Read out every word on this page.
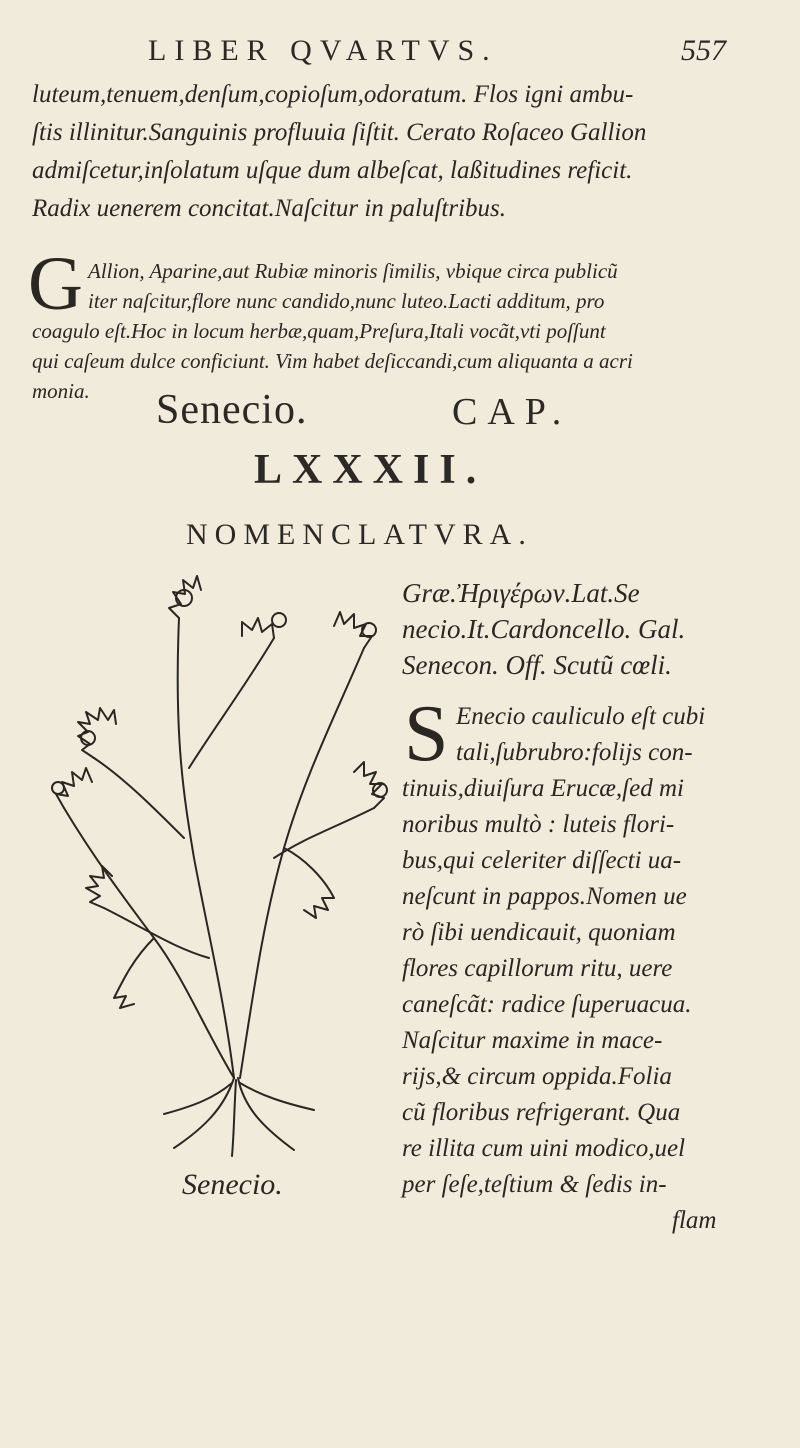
LIBER QVARTVS.	557
luteum,tenuem,denſum,copioſum,odoratum. Flos igni ambu-
ſtis illinitur.Sanguinis profluuia ſiſtit. Cerato Roſaceo Gallion
admiſcetur,inſolatum uſque dum albeſcat, laßitudines reficit.
Radix uenerem concitat.Naſcitur in paluſtribus.
G Allion, Aparine,aut Rubiæ minoris ſimilis, vbique circa publicũ
iter naſcitur,flore nunc candido,nunc luteo.Lacti additum, pro
coagulo eſt.Hoc in locum herbæ,quam,Preſura,Itali vocãt,vti poſſunt
qui caſeum dulce conficiunt. Vim habet deſiccandi,cum aliquanta a acri
monia. Senecio.	CAP.
LXXXII.
NOMENCLATVRA.
Græ.Ἠριγέρων.Lat.Se
necio.It.Cardoncello. Gal.
Senecon. Off. Scutũ cœli.
S Enecio cauliculo eſt cubi
tali,ſubrubro:folijs con-
tinuis,diuiſura Erucæ,ſed mi
noribus multò : luteis flori-
bus,qui celeriter diſſecti ua-
neſcunt in pappos.Nomen ue
rò ſibi uendicauit, quoniam
flores capillorum ritu, uere
caneſcãt: radice ſuperuacua.
Naſcitur maxime in mace-
rijs,& circum oppida.Folia
cũ floribus refrigerant. Qua
re illita cum uini modico,uel
per ſeſe,teſtium & ſedis in-
flam
Senecio.
